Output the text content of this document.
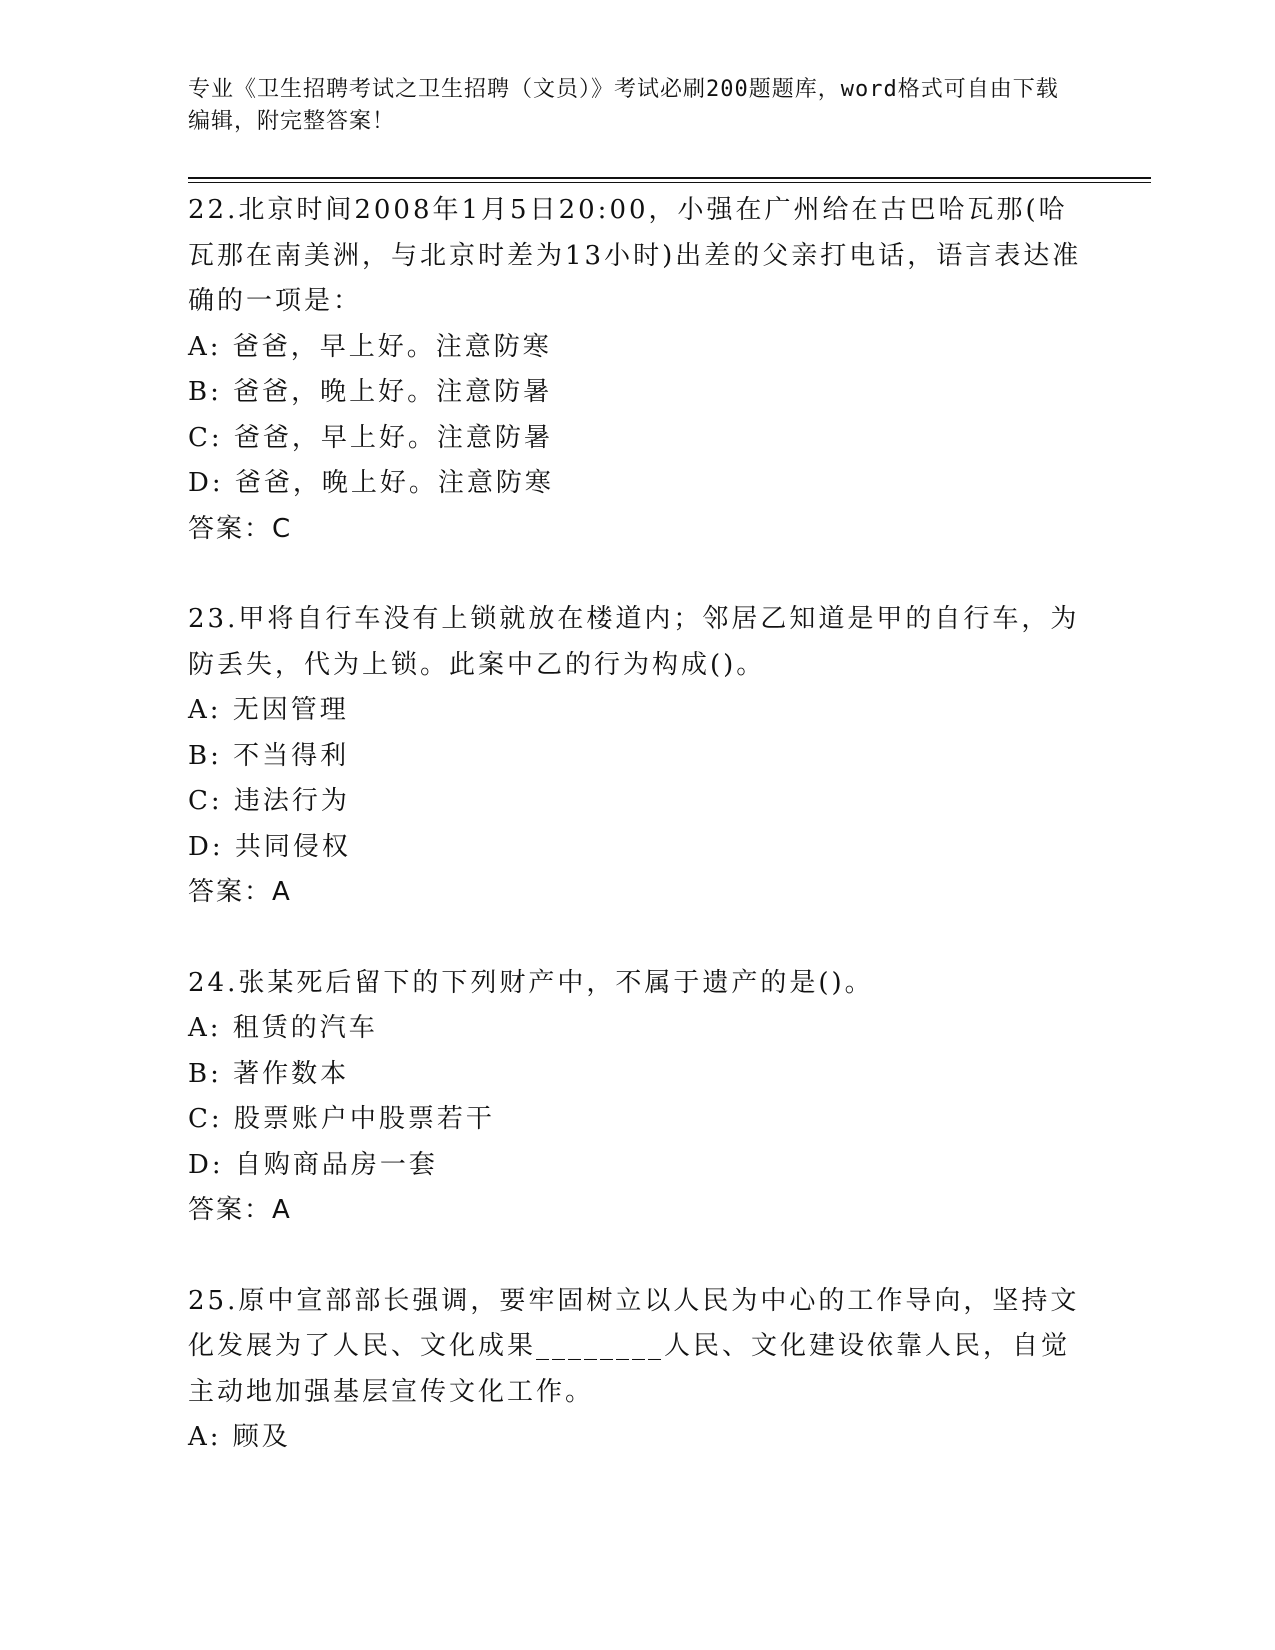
专业《卫生招聘考试之卫生招聘（文员）》考试必刷200题题库，word格式可自由下载编辑，附完整答案！
22.北京时间2008年1月5日20:00，小强在广州给在古巴哈瓦那(哈瓦那在南美洲，与北京时差为13小时)出差的父亲打电话，语言表达准确的一项是：
A: 爸爸，早上好。注意防寒
B: 爸爸，晚上好。注意防暑
C: 爸爸，早上好。注意防暑
D: 爸爸，晚上好。注意防寒
答案：C
23.甲将自行车没有上锁就放在楼道内；邻居乙知道是甲的自行车，为防丢失，代为上锁。此案中乙的行为构成()。
A: 无因管理
B: 不当得利
C: 违法行为
D: 共同侵权
答案：A
24.张某死后留下的下列财产中，不属于遗产的是()。
A: 租赁的汽车
B: 著作数本
C: 股票账户中股票若干
D: 自购商品房一套
答案：A
25.原中宣部部长强调，要牢固树立以人民为中心的工作导向，坚持文化发展为了人民、文化成果________人民、文化建设依靠人民，自觉主动地加强基层宣传文化工作。
A: 顾及
